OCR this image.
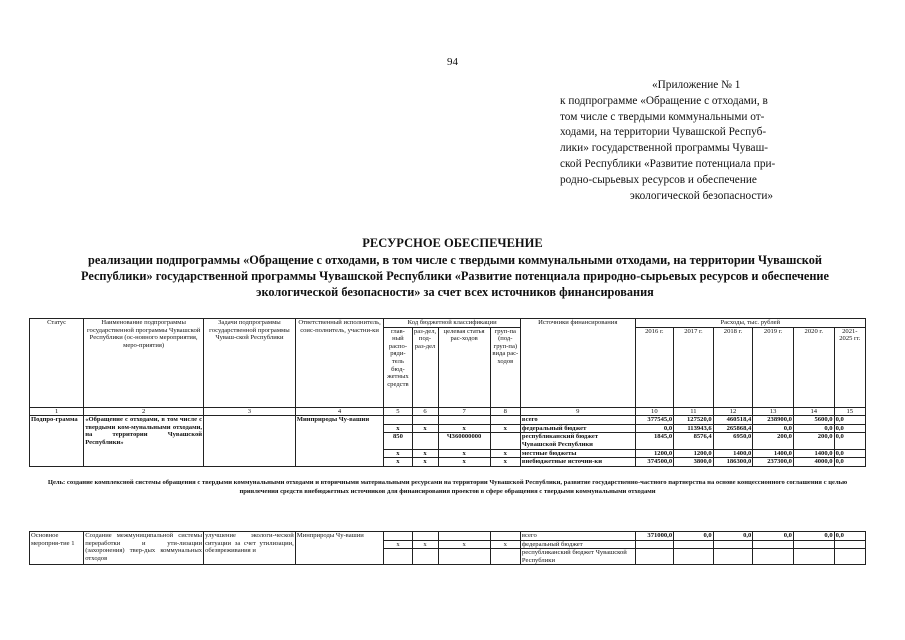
94
«Приложение № 1
к подпрограмме «Обращение с отходами, в
том числе с твердыми коммунальными от-
ходами, на территории Чувашской Респуб-
лики» государственной программы Чуваш-
ской Республики «Развитие потенциала при-
родно-сырьевых ресурсов и обеспечение
экологической безопасности»
РЕСУРСНОЕ ОБЕСПЕЧЕНИЕ
реализации подпрограммы «Обращение с отходами, в том числе с твердыми коммунальными отходами, на территории Чувашской Республики» государственной программы Чувашской Республики «Развитие потенциала природно-сырьевых ресурсов и обеспечение экологической безопасности» за счет всех источников финансирования
Статус	Наименование подпрограммы государственной программы Чувашской Республики (ос-новного мероприятия, меро-приятия)	Задачи подпрограммы государственной программы Чуваш-ской Республики	Ответственный исполнитель, соис-полнитель, участни-ки	Код бюджетной классификации				Источники финансирования	Расходы, тыс. рублей					
				глав-ный распо-ряди-тель бюд-жетных средств	раз-дел, под-раз-дел	целевая статья рас-ходов	груп-па (под-груп-па) вида рас-ходов		2016 г.	2017 г.	2018 г.	2019 г.	2020 г.	2021-2025 гг.
1	2	3	4	5	6	7	8	9	10	11	12	13	14	15
Подпро-грамма	«Обращение с отходами, в том числе с твердыми ком-мунальными отходами, на территории Чувашской Республики»		Минприроды Чу-вашии					всего	377545,0	127520,0	460518,4	238900,0	5600,0	0,0
				х	х	х	х	федеральный бюджет	0,0	113943,6	265868,4	0,0	0,0	0,0
				850		Ч360000000		республиканский бюджет Чувашской Республики	1845,0	8576,4	6950,0	200,0	200,0	0,0
				х	х	х	х	местные бюджеты	1200,0	1200,0	1400,0	1400,0	1400,0	0,0
				х	х	х	х	внебюджетные источни-ки	374500,0	3800,0	186300,0	237300,0	4000,0	0,0

Цель: создание комплексной системы обращения с твердыми коммунальными отходами и вторичными материальными ресурсами на территории Чувашской Республики, развитие государственно-частного партнерства на основе концессионного соглашения с целью привлечения средств внебюджетных источников для финансирования проектов в сфере обращения с твердыми коммунальными отходами														
Основное меропрня-тие 1	Создание межмуниципальной системы переработки и ути-лизации (захоронения) твер-дых коммунальных отходов	улучшение экологи-ческой ситуации за счет утилизации, обезвреживания и	Минприроды Чу-вашии					всего	371000,0	0,0	0,0	0,0	0,0	0,0
				х	х	х	х	федеральный бюджет						
								республиканский бюджет Чувашской Республики						
